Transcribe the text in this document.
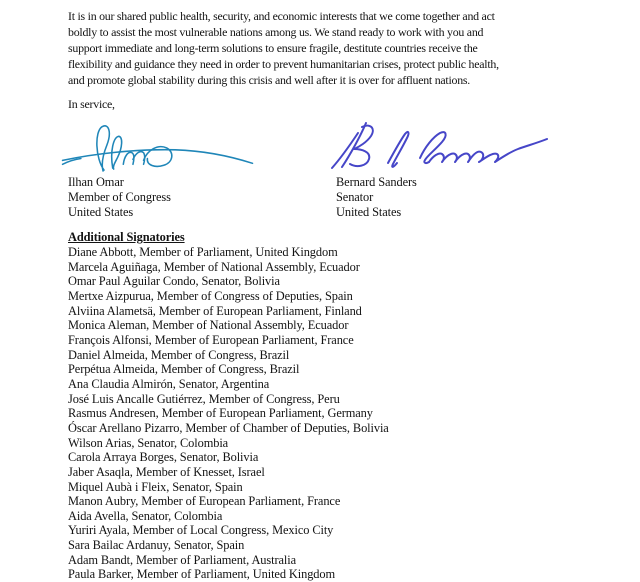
It is in our shared public health, security, and economic interests that we come together and act
boldly to assist the most vulnerable nations among us. We stand ready to work with you and
support immediate and long-term solutions to ensure fragile, destitute countries receive the
flexibility and guidance they need in order to prevent humanitarian crises, protect public health,
and promote global stability during this crisis and well after it is over for affluent nations.
In service,
Ilhan Omar
Member of Congress
United States
Bernard Sanders
Senator
United States
Additional Signatories
Diane Abbott, Member of Parliament, United Kingdom
Marcela Aguiñaga, Member of National Assembly, Ecuador
Omar Paul Aguilar Condo, Senator, Bolivia
Mertxe Aizpurua, Member of Congress of Deputies, Spain
Alviina Alametsä, Member of European Parliament, Finland
Monica Aleman, Member of National Assembly, Ecuador
François Alfonsi, Member of European Parliament, France
Daniel Almeida, Member of Congress, Brazil
Perpétua Almeida, Member of Congress, Brazil
Ana Claudia Almirón, Senator, Argentina
José Luis Ancalle Gutiérrez, Member of Congress, Peru
Rasmus Andresen, Member of European Parliament, Germany
Óscar Arellano Pizarro, Member of Chamber of Deputies, Bolivia
Wilson Arias, Senator, Colombia
Carola Arraya Borges, Senator, Bolivia
Jaber Asaqla, Member of Knesset, Israel
Miquel Aubà i Fleix, Senator, Spain
Manon Aubry, Member of European Parliament, France
Aida Avella, Senator, Colombia
Yuriri Ayala, Member of Local Congress, Mexico City
Sara Bailac Ardanuy, Senator, Spain
Adam Bandt, Member of Parliament, Australia
Paula Barker, Member of Parliament, United Kingdom
